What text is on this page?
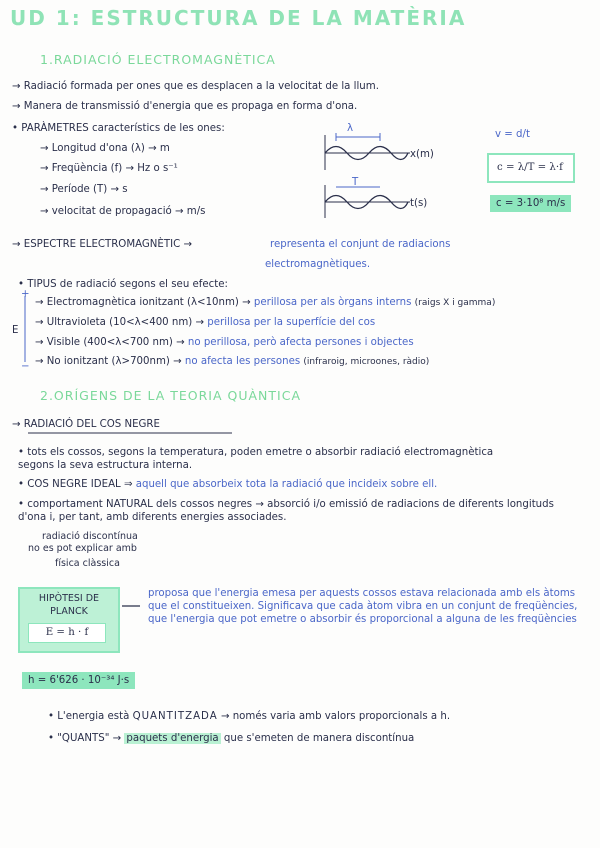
UD 1: ESTRUCTURA DE LA MATÈRIA
1.RADIACIÓ ELECTROMAGNÈTICA
→ Radiació formada per ones que es desplacen a la velocitat de la llum.
→ Manera de transmissió d'energia que es propaga en forma d'ona.
• PARÀMETRES característics de les ones:
→ Longitud d'ona (λ) → m
→ Freqüència (f) → Hz o s⁻¹
→ Període (T) → s
→ velocitat de propagació → m/s
λ
x(m)
T
t(s)
v = d/t
c = λ/T = λ·f
c = 3·10⁸ m/s
→ ESPECTRE ELECTROMAGNÈTIC →	representa el conjunt de radiacions
electromagnètiques.
• TIPUS de radiació segons el seu efecte:
+
E
−
→ Electromagnètica ionitzant (λ<10nm) → perillosa per als òrgans interns (raigs X i gamma)
→ Ultravioleta (10<λ<400 nm) → perillosa per la superfície del cos
→ Visible (400<λ<700 nm) → no perillosa, però afecta persones i objectes
→ No ionitzant (λ>700nm) → no afecta les persones (infraroig, microones, ràdio)
2.ORÍGENS DE LA TEORIA QUÀNTICA
→ RADIACIÓ DEL COS NEGRE
• tots els cossos, segons la temperatura, poden emetre o absorbir radiació electromagnètica segons la seva estructura interna.
• COS NEGRE IDEAL ⇒ aquell que absorbeix tota la radiació que incideix sobre ell.
• comportament NATURAL dels cossos negres → absorció i/o emissió de radiacions de diferents longituds d'ona i, per tant, amb diferents energies associades.
radiació discontínua
no es pot explicar amb
física clàssica
HIPÒTESI DE PLANCK
E = h · f
proposa que l'energia emesa per aquests cossos estava relacionada amb els àtoms que el constitueixen. Significava que cada àtom vibra en un conjunt de freqüències, que l'energia que pot emetre o absorbir és proporcional a alguna de les freqüències
h = 6'626 · 10⁻³⁴ J·s
• L'energia està QUANTITZADA → només varia amb valors proporcionals a h.
• "QUANTS" → paquets d'energia que s'emeten de manera discontínua
